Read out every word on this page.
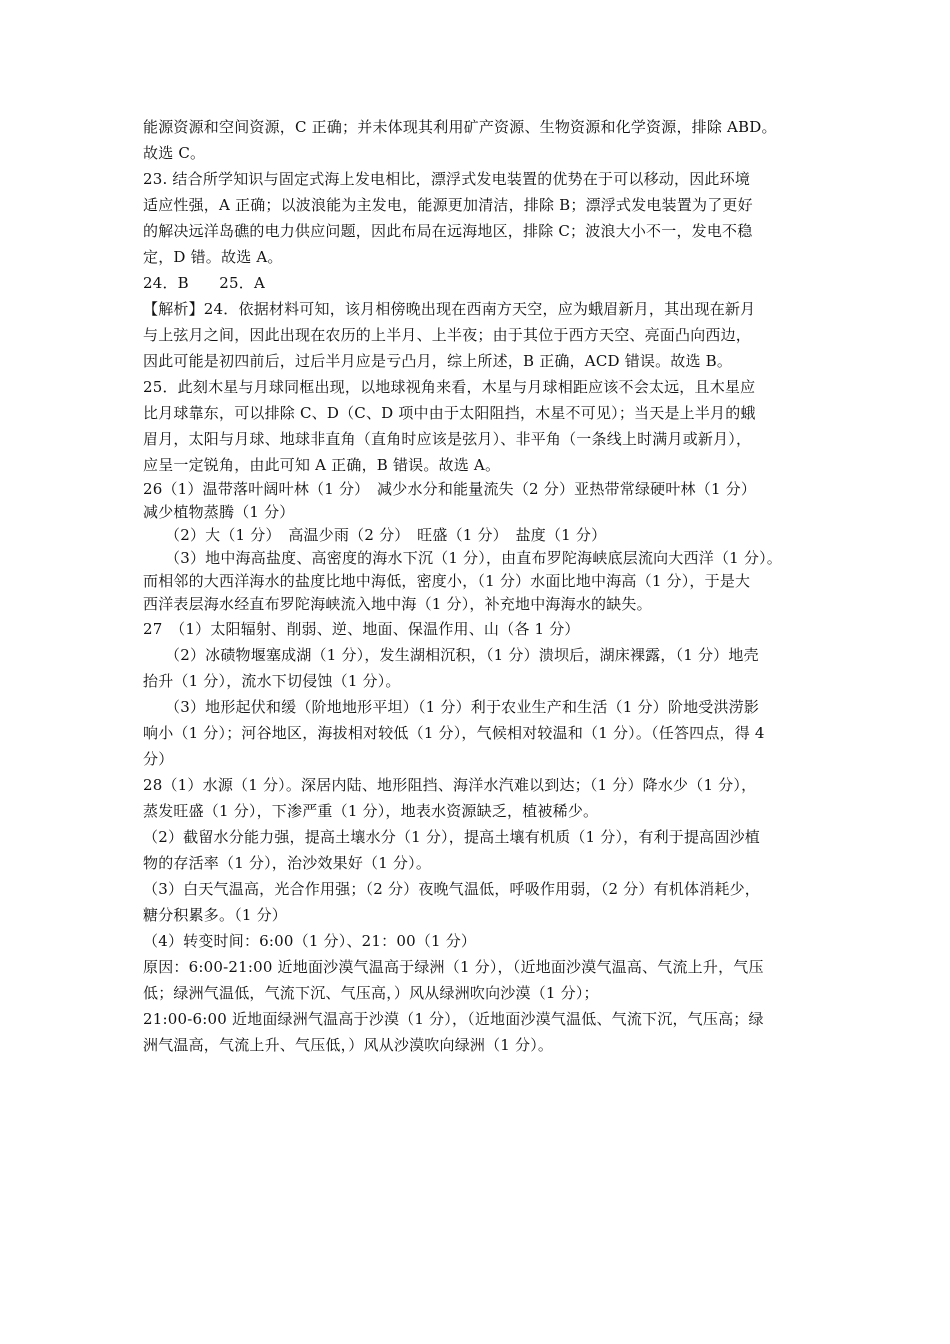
能源资源和空间资源，C 正确；并未体现其利用矿产资源、生物资源和化学资源，排除 ABD。
故选 C。
23. 结合所学知识与固定式海上发电相比，漂浮式发电装置的优势在于可以移动，因此环境
适应性强，A 正确；以波浪能为主发电，能源更加清洁，排除 B；漂浮式发电装置为了更好
的解决远洋岛礁的电力供应问题，因此布局在远海地区，排除 C；波浪大小不一，发电不稳
定，D 错。故选 A。
24．B　　25．A
【解析】24．依据材料可知，该月相傍晚出现在西南方天空，应为蛾眉新月，其出现在新月
与上弦月之间，因此出现在农历的上半月、上半夜；由于其位于西方天空、亮面凸向西边，
因此可能是初四前后，过后半月应是亏凸月，综上所述，B 正确，ACD 错误。故选 B。
25．此刻木星与月球同框出现，以地球视角来看，木星与月球相距应该不会太远，且木星应
比月球靠东，可以排除 C、D（C、D 项中由于太阳阻挡，木星不可见）；当天是上半月的蛾
眉月，太阳与月球、地球非直角（直角时应该是弦月）、非平角（一条线上时满月或新月），
应呈一定锐角，由此可知 A 正确，B 错误。故选 A。
26（1）温带落叶阔叶林（1 分）　减少水分和能量流失（2 分）亚热带常绿硬叶林（1 分）
减少植物蒸腾（1 分）
（2）大（1 分）　高温少雨（2 分）　旺盛（1 分）　盐度（1 分）
（3）地中海高盐度、高密度的海水下沉（1 分），由直布罗陀海峡底层流向大西洋（1 分）。
而相邻的大西洋海水的盐度比地中海低，密度小，（1 分）水面比地中海高（1 分），于是大
西洋表层海水经直布罗陀海峡流入地中海（1 分），补充地中海海水的缺失。
27　（1）太阳辐射、削弱、逆、地面、保温作用、山（各 1 分）
（2）冰碛物堰塞成湖（1 分），发生湖相沉积，（1 分）溃坝后，湖床裸露，（1 分）地壳
抬升（1 分），流水下切侵蚀（1 分）。
（3）地形起伏和缓（阶地地形平坦）（1 分）利于农业生产和生活（1 分）阶地受洪涝影
响小（1 分）；河谷地区，海拔相对较低（1 分），气候相对较温和（1 分）。（任答四点，得 4
分）
28（1）水源（1 分）。深居内陆、地形阻挡、海洋水汽难以到达；（1 分）降水少（1 分），
蒸发旺盛（1 分），下渗严重（1 分），地表水资源缺乏，植被稀少。
（2）截留水分能力强，提高土壤水分（1 分），提高土壤有机质（1 分），有利于提高固沙植
物的存活率（1 分），治沙效果好（1 分）。
（3）白天气温高，光合作用强；（2 分）夜晚气温低，呼吸作用弱，（2 分）有机体消耗少，
糖分积累多。（1 分）
（4）转变时间：6:00（1 分）、21：00（1 分）
原因：6:00-21:00 近地面沙漠气温高于绿洲（1 分），（近地面沙漠气温高、气流上升，气压
低；绿洲气温低，气流下沉、气压高，）风从绿洲吹向沙漠（1 分）；
21:00-6:00 近地面绿洲气温高于沙漠（1 分），（近地面沙漠气温低、气流下沉，气压高；绿
洲气温高，气流上升、气压低，）风从沙漠吹向绿洲（1 分）。
